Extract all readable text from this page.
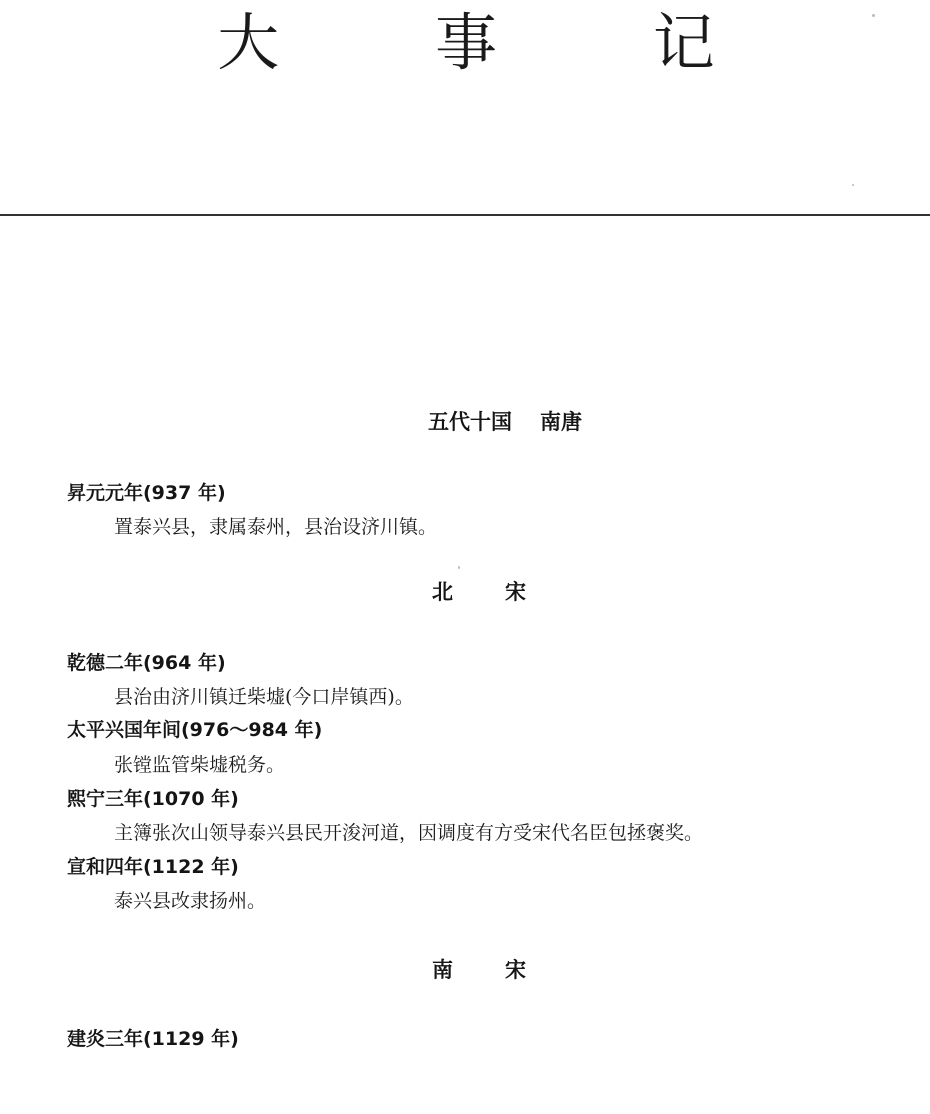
大 事 记
五代十国 南唐
昇元元年(937 年)
置泰兴县，隶属泰州，县治设济川镇。
北宋
乾德二年(964 年)
县治由济川镇迁柴墟(今口岸镇西)。
太平兴国年间(976～984 年)
张镗监管柴墟税务。
熙宁三年(1070 年)
主簿张次山领导泰兴县民开浚河道，因调度有方受宋代名臣包拯褒奖。
宣和四年(1122 年)
泰兴县改隶扬州。
南宋
建炎三年(1129 年)
